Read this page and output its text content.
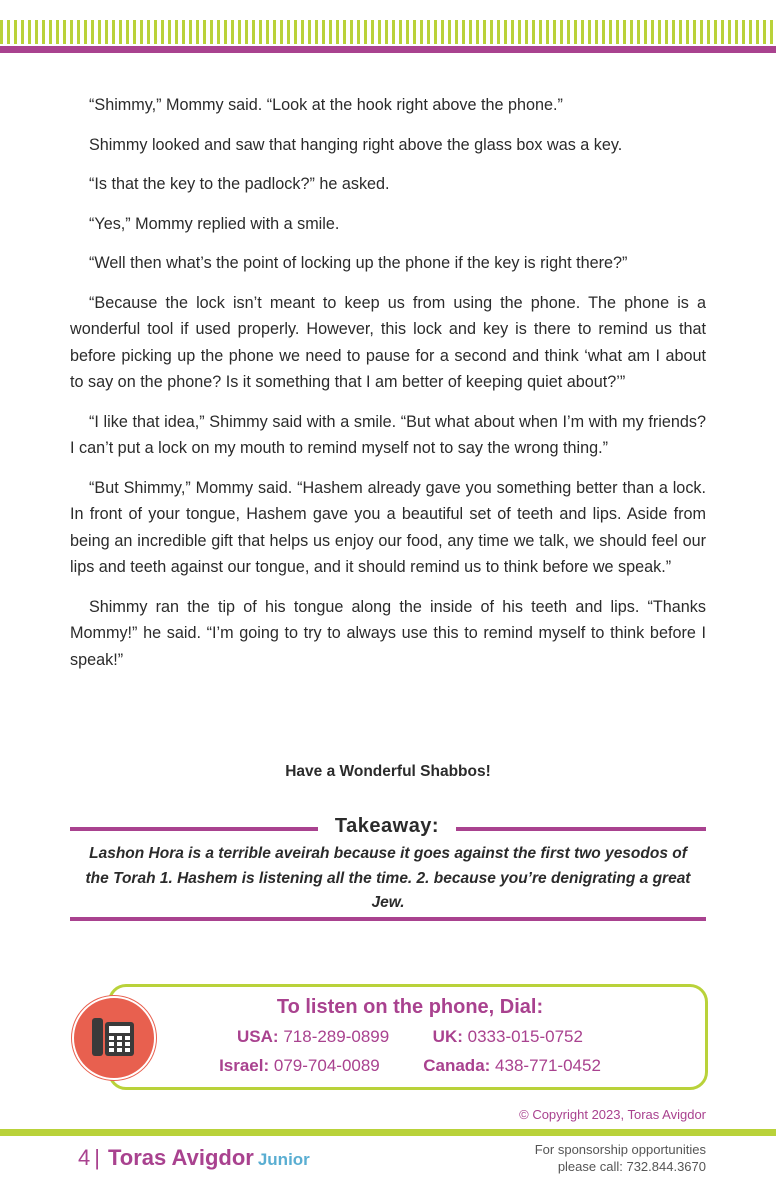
“Shimmy,” Mommy said. “Look at the hook right above the phone.”

Shimmy looked and saw that hanging right above the glass box was a key.

“Is that the key to the padlock?” he asked.

“Yes,” Mommy replied with a smile.

“Well then what’s the point of locking up the phone if the key is right there?”

“Because the lock isn’t meant to keep us from using the phone. The phone is a wonderful tool if used properly. However, this lock and key is there to remind us that before picking up the phone we need to pause for a second and think ‘what am I about to say on the phone? Is it something that I am better of keeping quiet about?’”

“I like that idea,” Shimmy said with a smile. “But what about when I’m with my friends? I can’t put a lock on my mouth to remind myself not to say the wrong thing.”

“But Shimmy,” Mommy said. “Hashem already gave you something better than a lock. In front of your tongue, Hashem gave you a beautiful set of teeth and lips. Aside from being an incredible gift that helps us enjoy our food, any time we talk, we should feel our lips and teeth against our tongue, and it should remind us to think before we speak.”

Shimmy ran the tip of his tongue along the inside of his teeth and lips. “Thanks Mommy!” he said. “I’m going to try to always use this to remind myself to think before I speak!”

Have a Wonderful Shabbos!
Takeaway:
Lashon Hora is a terrible aveirah because it goes against the first two yesodos of the Torah 1. Hashem is listening all the time. 2. because you’re denigrating a great Jew.
To listen on the phone, Dial:
USA: 718-289-0899	UK: 0333-015-0752
Israel: 079-704-0089	Canada: 438-771-0452
© Copyright 2023, Toras Avigdor
4 | Toras Avigdor Junior
For sponsorship opportunities
please call: 732.844.3670
